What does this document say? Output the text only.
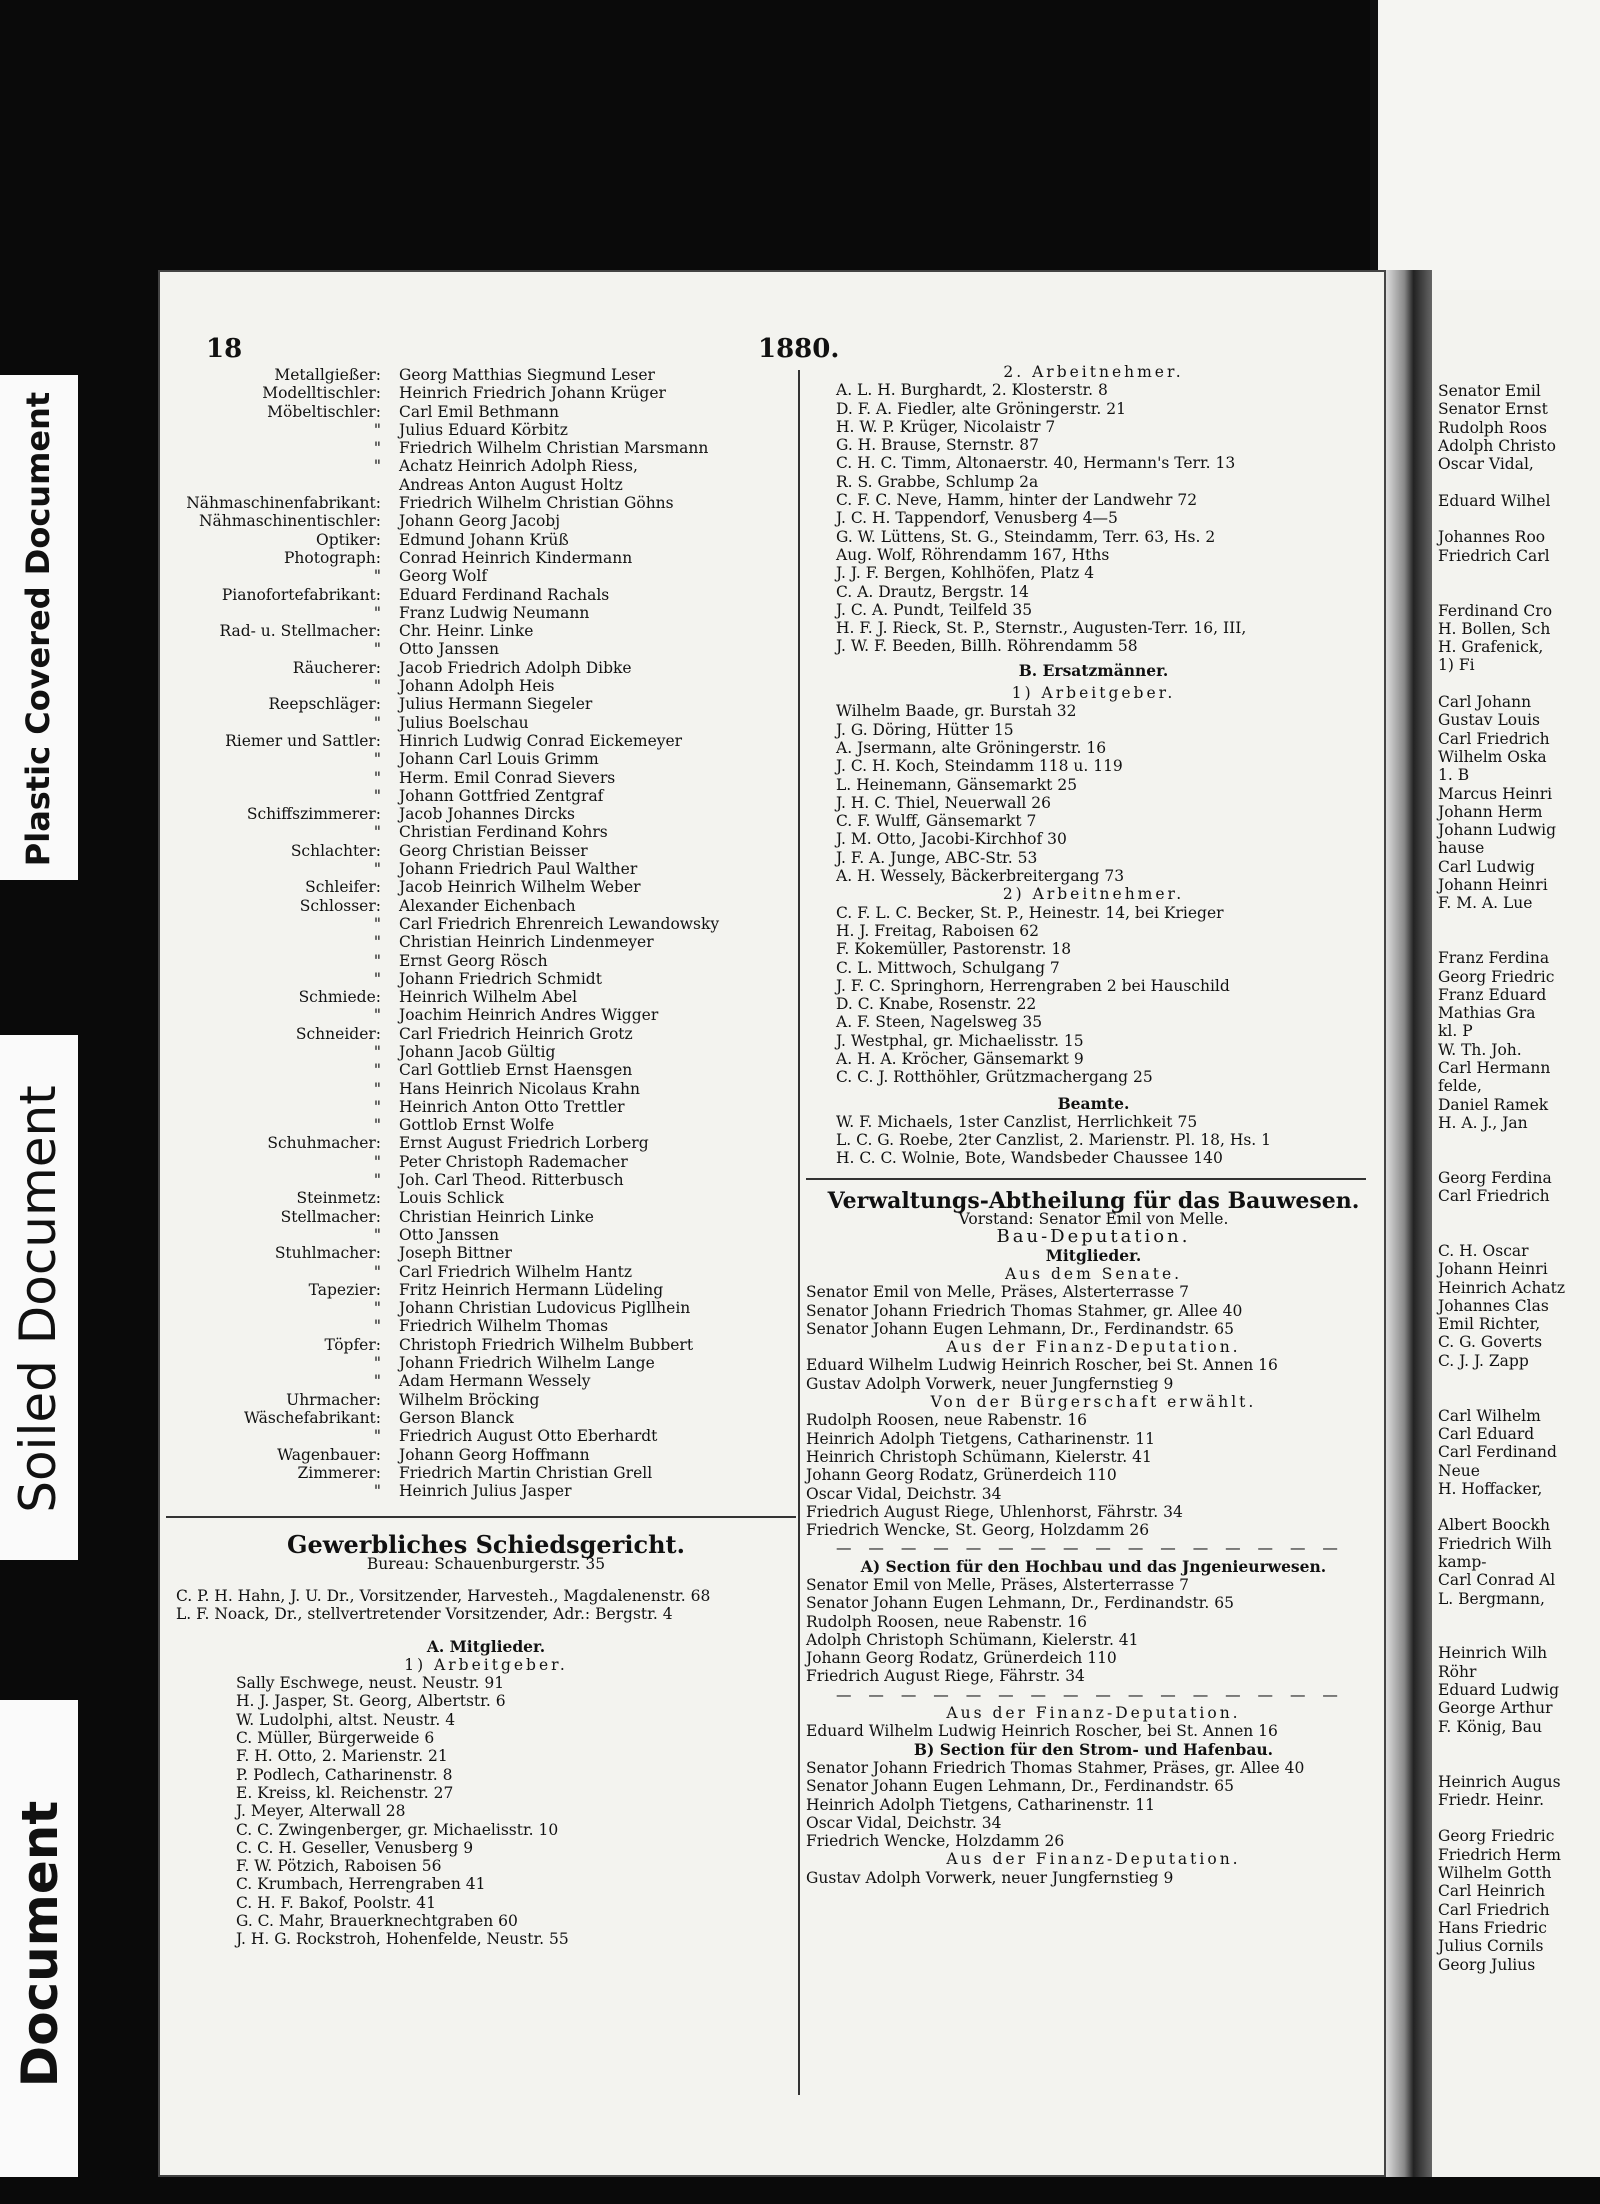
Plastic Covered Document
Soiled Document
Document
18	1880.
Metallgießer:	Georg Matthias Siegmund Leser
Modelltischler:	Heinrich Friedrich Johann Krüger
Möbeltischler:	Carl Emil Bethmann
"	Julius Eduard Körbitz
"	Friedrich Wilhelm Christian Marsmann
"	Achatz Heinrich Adolph Riess,
Andreas Anton August Holtz
Nähmaschinenfabrikant:	Friedrich Wilhelm Christian Göhns
Nähmaschinentischler:	Johann Georg Jacobj
Optiker:	Edmund Johann Krüß
Photograph:	Conrad Heinrich Kindermann
"	Georg Wolf
Pianofortefabrikant:	Eduard Ferdinand Rachals
"	Franz Ludwig Neumann
Rad- u. Stellmacher:	Chr. Heinr. Linke
"	Otto Janssen
Räucherer:	Jacob Friedrich Adolph Dibke
"	Johann Adolph Heis
Reepschläger:	Julius Hermann Siegeler
"	Julius Boelschau
Riemer und Sattler:	Hinrich Ludwig Conrad Eickemeyer
"	Johann Carl Louis Grimm
"	Herm. Emil Conrad Sievers
"	Johann Gottfried Zentgraf
Schiffszimmerer:	Jacob Johannes Dircks
"	Christian Ferdinand Kohrs
Schlachter:	Georg Christian Beisser
"	Johann Friedrich Paul Walther
Schleifer:	Jacob Heinrich Wilhelm Weber
Schlosser:	Alexander Eichenbach
"	Carl Friedrich Ehrenreich Lewandowsky
"	Christian Heinrich Lindenmeyer
"	Ernst Georg Rösch
"	Johann Friedrich Schmidt
Schmiede:	Heinrich Wilhelm Abel
"	Joachim Heinrich Andres Wigger
Schneider:	Carl Friedrich Heinrich Grotz
"	Johann Jacob Gültig
"	Carl Gottlieb Ernst Haensgen
"	Hans Heinrich Nicolaus Krahn
"	Heinrich Anton Otto Trettler
"	Gottlob Ernst Wolfe
Schuhmacher:	Ernst August Friedrich Lorberg
"	Peter Christoph Rademacher
"	Joh. Carl Theod. Ritterbusch
Steinmetz:	Louis Schlick
Stellmacher:	Christian Heinrich Linke
"	Otto Janssen
Stuhlmacher:	Joseph Bittner
"	Carl Friedrich Wilhelm Hantz
Tapezier:	Fritz Heinrich Hermann Lüdeling
"	Johann Christian Ludovicus Pigllhein
"	Friedrich Wilhelm Thomas
Töpfer:	Christoph Friedrich Wilhelm Bubbert
"	Johann Friedrich Wilhelm Lange
"	Adam Hermann Wessely
Uhrmacher:	Wilhelm Bröcking
Wäschefabrikant:	Gerson Blanck
"	Friedrich August Otto Eberhardt
Wagenbauer:	Johann Georg Hoffmann
Zimmerer:	Friedrich Martin Christian Grell
"	Heinrich Julius Jasper
Gewerbliches Schiedsgericht.
Bureau: Schauenburgerstr. 35
C. P. H. Hahn, J. U. Dr., Vorsitzender, Harvesteh., Magdalenenstr. 68
L. F. Noack, Dr., stellvertretender Vorsitzender, Adr.: Bergstr. 4
A. Mitglieder.
1) Arbeitgeber.
Sally Eschwege, neust. Neustr. 91
H. J. Jasper, St. Georg, Albertstr. 6
W. Ludolphi, altst. Neustr. 4
C. Müller, Bürgerweide 6
F. H. Otto, 2. Marienstr. 21
P. Podlech, Catharinenstr. 8
E. Kreiss, kl. Reichenstr. 27
J. Meyer, Alterwall 28
C. C. Zwingenberger, gr. Michaelisstr. 10
C. C. H. Geseller, Venusberg 9
F. W. Pötzich, Raboisen 56
C. Krumbach, Herrengraben 41
C. H. F. Bakof, Poolstr. 41
G. C. Mahr, Brauerknechtgraben 60
J. H. G. Rockstroh, Hohenfelde, Neustr. 55
2. Arbeitnehmer.
A. L. H. Burghardt, 2. Klosterstr. 8
D. F. A. Fiedler, alte Gröningerstr. 21
H. W. P. Krüger, Nicolaistr 7
G. H. Brause, Sternstr. 87
C. H. C. Timm, Altonaerstr. 40, Hermann's Terr. 13
R. S. Grabbe, Schlump 2a
C. F. C. Neve, Hamm, hinter der Landwehr 72
J. C. H. Tappendorf, Venusberg 4—5
G. W. Lüttens, St. G., Steindamm, Terr. 63, Hs. 2
Aug. Wolf, Röhrendamm 167, Hths
J. J. F. Bergen, Kohlhöfen, Platz 4
C. A. Drautz, Bergstr. 14
J. C. A. Pundt, Teilfeld 35
H. F. J. Rieck, St. P., Sternstr., Augusten-Terr. 16, III,
J. W. F. Beeden, Billh. Röhrendamm 58
B. Ersatzmänner.
1) Arbeitgeber.
Wilhelm Baade, gr. Burstah 32
J. G. Döring, Hütter 15
A. Jsermann, alte Gröningerstr. 16
J. C. H. Koch, Steindamm 118 u. 119
L. Heinemann, Gänsemarkt 25
J. H. C. Thiel, Neuerwall 26
C. F. Wulff, Gänsemarkt 7
J. M. Otto, Jacobi-Kirchhof 30
J. F. A. Junge, ABC-Str. 53
A. H. Wessely, Bäckerbreitergang 73
2) Arbeitnehmer.
C. F. L. C. Becker, St. P., Heinestr. 14, bei Krieger
H. J. Freitag, Raboisen 62
F. Kokemüller, Pastorenstr. 18
C. L. Mittwoch, Schulgang 7
J. F. C. Springhorn, Herrengraben 2 bei Hauschild
D. C. Knabe, Rosenstr. 22
A. F. Steen, Nagelsweg 35
J. Westphal, gr. Michaelisstr. 15
A. H. A. Kröcher, Gänsemarkt 9
C. C. J. Rotthöhler, Grützmachergang 25
Beamte.
W. F. Michaels, 1ster Canzlist, Herrlichkeit 75
L. C. G. Roebe, 2ter Canzlist, 2. Marienstr. Pl. 18, Hs. 1
H. C. C. Wolnie, Bote, Wandsbeder Chaussee 140
Verwaltungs-Abtheilung für das Bauwesen.
Vorstand: Senator Emil von Melle.
Bau-Deputation.
Mitglieder.
Aus dem Senate.
Senator Emil von Melle, Präses, Alsterterrasse 7
Senator Johann Friedrich Thomas Stahmer, gr. Allee 40
Senator Johann Eugen Lehmann, Dr., Ferdinandstr. 65
Aus der Finanz-Deputation.
Eduard Wilhelm Ludwig Heinrich Roscher, bei St. Annen 16
Gustav Adolph Vorwerk, neuer Jungfernstieg 9
Von der Bürgerschaft erwählt.
Rudolph Roosen, neue Rabenstr. 16
Heinrich Adolph Tietgens, Catharinenstr. 11
Heinrich Christoph Schümann, Kielerstr. 41
Johann Georg Rodatz, Grünerdeich 110
Oscar Vidal, Deichstr. 34
Friedrich August Riege, Uhlenhorst, Fährstr. 34
Friedrich Wencke, St. Georg, Holzdamm 26
— — — — — — — — — — — — — — — —
A) Section für den Hochbau und das Jngenieurwesen.
Senator Emil von Melle, Präses, Alsterterrasse 7
Senator Johann Eugen Lehmann, Dr., Ferdinandstr. 65
Rudolph Roosen, neue Rabenstr. 16
Adolph Christoph Schümann, Kielerstr. 41
Johann Georg Rodatz, Grünerdeich 110
Friedrich August Riege, Fährstr. 34
— — — — — — — — — — — — — — — —
Aus der Finanz-Deputation.
Eduard Wilhelm Ludwig Heinrich Roscher, bei St. Annen 16
B) Section für den Strom- und Hafenbau.
Senator Johann Friedrich Thomas Stahmer, Präses, gr. Allee 40
Senator Johann Eugen Lehmann, Dr., Ferdinandstr. 65
Heinrich Adolph Tietgens, Catharinenstr. 11
Oscar Vidal, Deichstr. 34
Friedrich Wencke, Holzdamm 26
Aus der Finanz-Deputation.
Gustav Adolph Vorwerk, neuer Jungfernstieg 9
Senator Emil
Senator Ernst
Rudolph Roos
Adolph Christo
Oscar Vidal,

Eduard Wilhel

Johannes Roo
Friedrich Carl

Ferdinand Cro
H. Bollen, Sch
H. Grafenick,
1) Fi

Carl Johann
Gustav Louis
Carl Friedrich
Wilhelm Oska
1. B
Marcus Heinri
Johann Herm
Johann Ludwig
hause
Carl Ludwig
Johann Heinri
F. M. A. Lue

Franz Ferdina
Georg Friedric
Franz Eduard
Mathias Gra
kl. P
W. Th. Joh.
Carl Hermann
felde,
Daniel Ramek
H. A. J., Jan

Georg Ferdina
Carl Friedrich

C. H. Oscar
Johann Heinri
Heinrich Achatz
Johannes Clas
Emil Richter,
C. G. Goverts
C. J. J. Zapp

Carl Wilhelm
Carl Eduard
Carl Ferdinand
Neue
H. Hoffacker,

Albert Boockh
Friedrich Wilh
kamp-
Carl Conrad Al
L. Bergmann,

Heinrich Wilh
Röhr
Eduard Ludwig
George Arthur
F. König, Bau

Heinrich Augus
Friedr. Heinr.

Georg Friedric
Friedrich Herm
Wilhelm Gotth
Carl Heinrich
Carl Friedrich
Hans Friedric
Julius Cornils
Georg Julius
